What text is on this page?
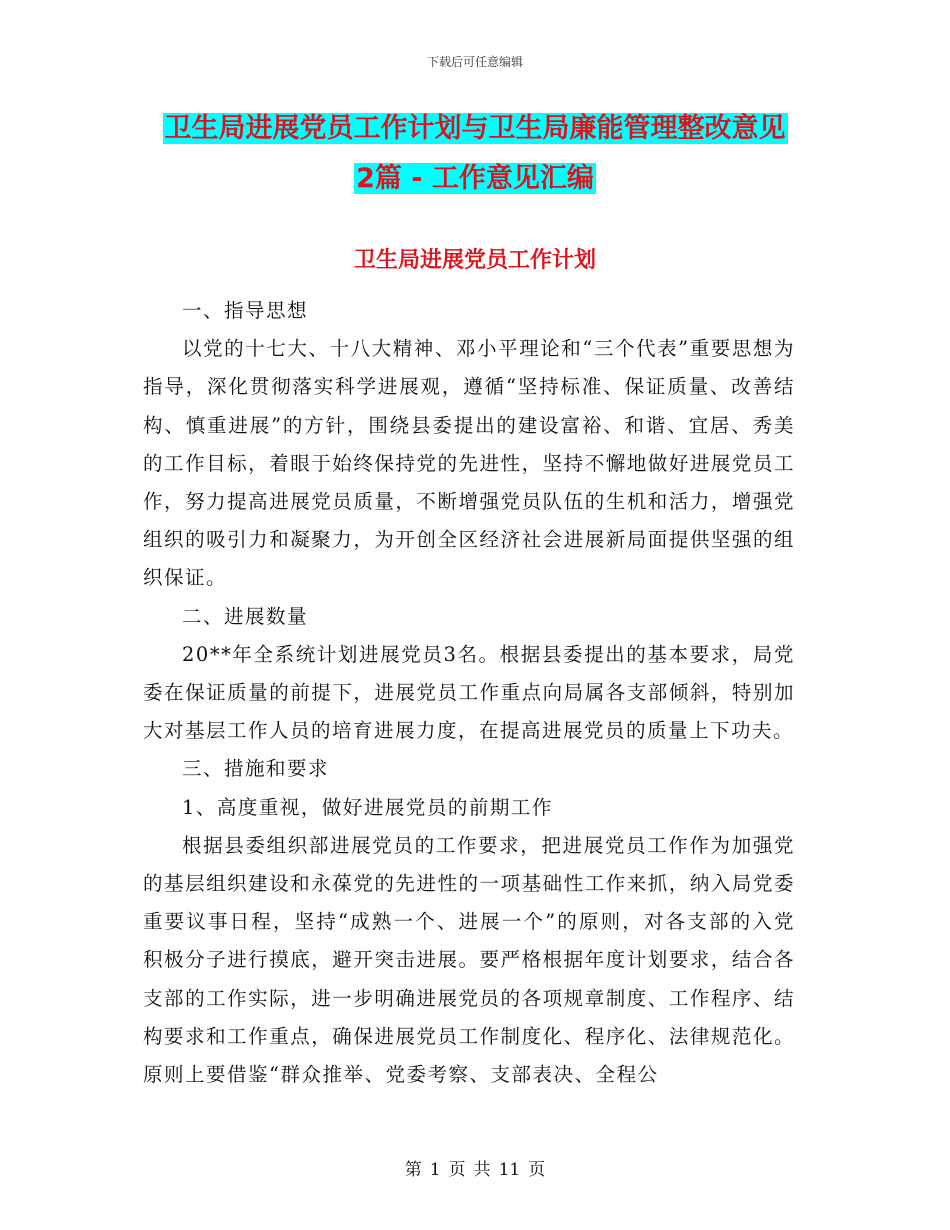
下载后可任意编辑
卫生局进展党员工作计划与卫生局廉能管理整改意见
2篇 - 工作意见汇编
卫生局进展党员工作计划

一、指导思想

以党的十七大、十八大精神、邓小平理论和“三个代表”重要思想为指导，深化贯彻落实科学进展观，遵循“坚持标准、保证质量、改善结构、慎重进展”的方针，围绕县委提出的建设富裕、和谐、宜居、秀美的工作目标，着眼于始终保持党的先进性，坚持不懈地做好进展党员工作，努力提高进展党员质量，不断增强党员队伍的生机和活力，增强党组织的吸引力和凝聚力，为开创全区经济社会进展新局面提供坚强的组织保证。

二、进展数量

20**年全系统计划进展党员3名。根据县委提出的基本要求，局党委在保证质量的前提下，进展党员工作重点向局属各支部倾斜，特别加大对基层工作人员的培育进展力度，在提高进展党员的质量上下功夫。

三、措施和要求

1、高度重视，做好进展党员的前期工作

根据县委组织部进展党员的工作要求，把进展党员工作作为加强党的基层组织建设和永葆党的先进性的一项基础性工作来抓，纳入局党委重要议事日程，坚持“成熟一个、进展一个”的原则，对各支部的入党积极分子进行摸底，避开突击进展。要严格根据年度计划要求，结合各支部的工作实际，进一步明确进展党员的各项规章制度、工作程序、结构要求和工作重点，确保进展党员工作制度化、程序化、法律规范化。原则上要借鉴“群众推举、党委考察、支部表决、全程公

第 1 页 共 11 页
